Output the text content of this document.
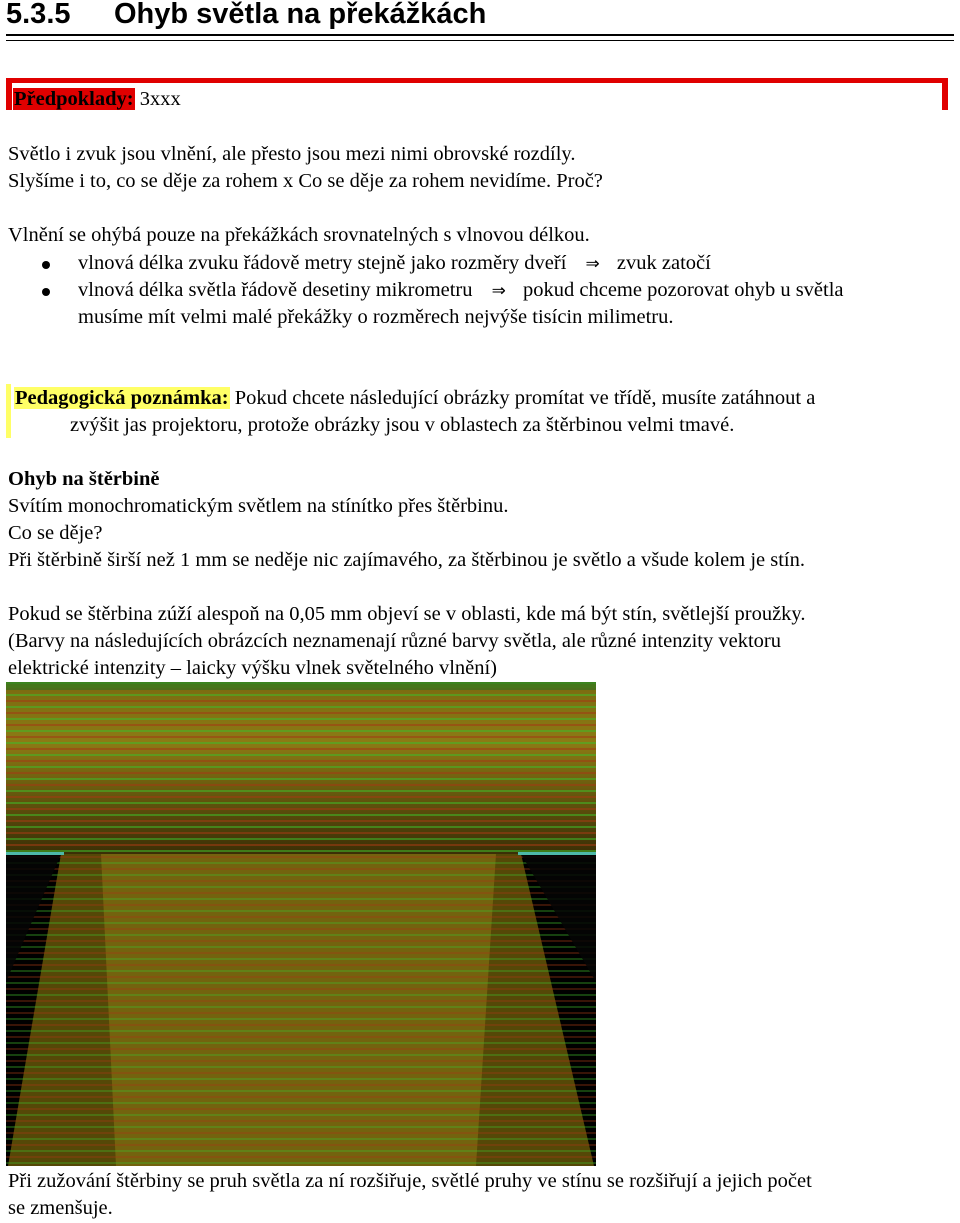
5.3.5 Ohyb světla na překážkách
Předpoklady: 3xxx
Světlo i zvuk jsou vlnění, ale přesto jsou mezi nimi obrovské rozdíly.
Slyšíme i to, co se děje za rohem x Co se děje za rohem nevidíme. Proč?
Vlnění se ohýbá pouze na překážkách srovnatelných s vlnovou délkou.
vlnová délka zvuku řádově metry stejně jako rozměry dveří ⇒ zvuk zatočí
vlnová délka světla řádově desetiny mikrometru ⇒ pokud chceme pozorovat ohyb u světla
musíme mít velmi malé překážky o rozměrech nejvýše tisícin milimetru.
Pedagogická poznámka: Pokud chcete následující obrázky promítat ve třídě, musíte zatáhnout a
zvýšit jas projektoru, protože obrázky jsou v oblastech za štěrbinou velmi tmavé.
Ohyb na štěrbině
Svítím monochromatickým světlem na stínítko přes štěrbinu.
Co se děje?
Při štěrbině širší než 1 mm se neděje nic zajímavého, za štěrbinou je světlo a všude kolem je stín.
Pokud se štěrbina zúží alespoň na 0,05 mm objeví se v oblasti, kde má být stín, světlejší proužky.
(Barvy na následujících obrázcích neznamenají různé barvy světla, ale různé intenzity vektoru
elektrické intenzity – laicky výšku vlnek světelného vlnění)
Při zužování štěrbiny se pruh světla za ní rozšiřuje, světlé pruhy ve stínu se rozšiřují a jejich počet
se zmenšuje.
